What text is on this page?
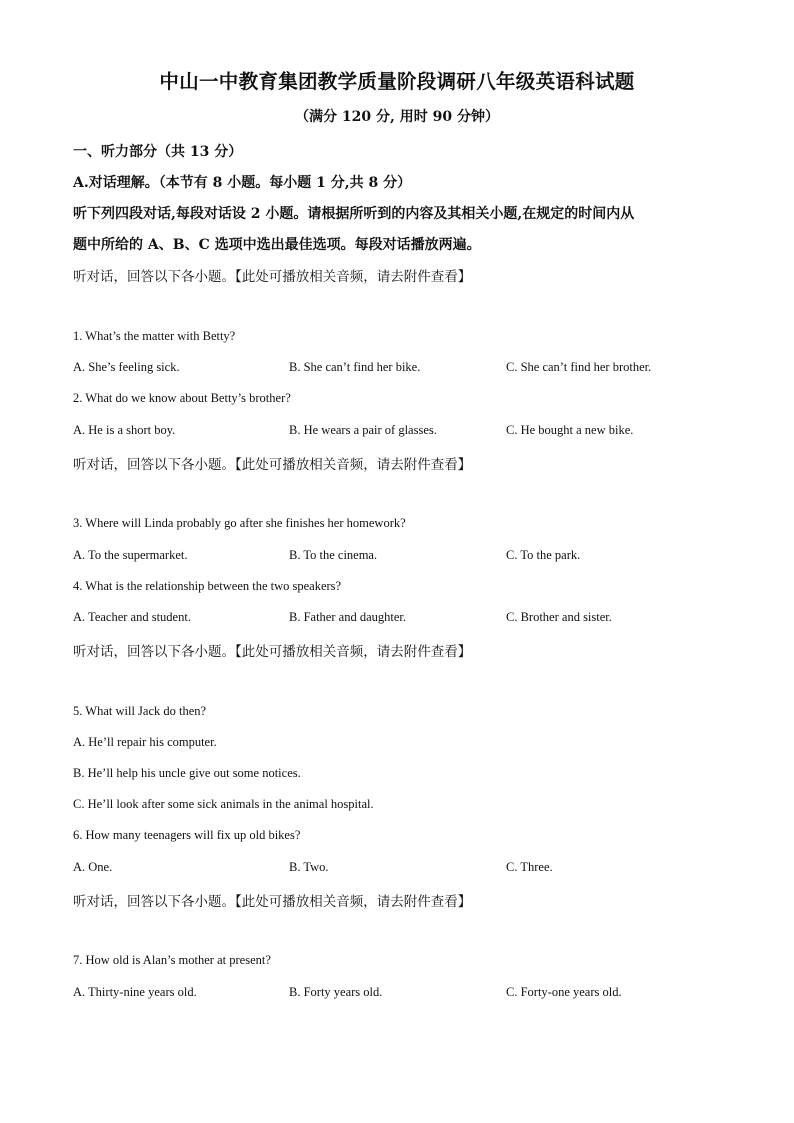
中山一中教育集团教学质量阶段调研八年级英语科试题
（满分 120 分, 用时 90 分钟）
一、听力部分（共 13 分）
A.对话理解。（本节有 8 小题。每小题 1 分,共 8 分）
听下列四段对话,每段对话设 2 小题。请根据所听到的内容及其相关小题,在规定的时间内从
题中所给的 A、B、C 选项中选出最佳选项。每段对话播放两遍。
听对话，回答以下各小题。【此处可播放相关音频，请去附件查看】
1. What’s the matter with Betty?
A. She’s feeling sick.	B. She can’t find her bike.	C. She can’t find her brother.
2. What do we know about Betty’s brother?
A. He is a short boy.	B. He wears a pair of glasses.	C. He bought a new bike.
听对话，回答以下各小题。【此处可播放相关音频，请去附件查看】
3. Where will Linda probably go after she finishes her homework?
A. To the supermarket.	B. To the cinema.	C. To the park.
4. What is the relationship between the two speakers?
A. Teacher and student.	B. Father and daughter.	C. Brother and sister.
听对话，回答以下各小题。【此处可播放相关音频，请去附件查看】
5. What will Jack do then?
A. He’ll repair his computer.
B. He’ll help his uncle give out some notices.
C. He’ll look after some sick animals in the animal hospital.
6. How many teenagers will fix up old bikes?
A. One.	B. Two.	C. Three.
听对话，回答以下各小题。【此处可播放相关音频，请去附件查看】
7. How old is Alan’s mother at present?
A. Thirty-nine years old.	B. Forty years old.	C. Forty-one years old.
